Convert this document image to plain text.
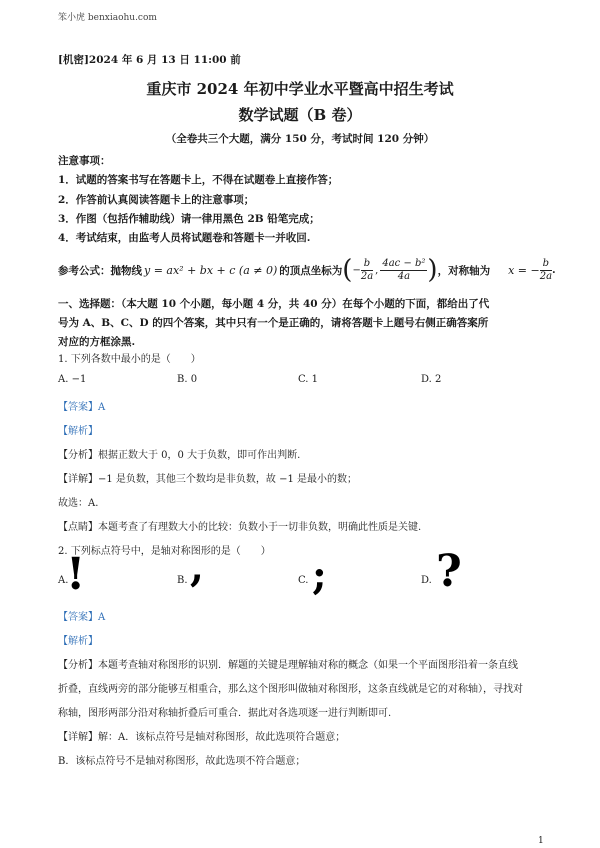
笨小虎 benxiaohu.com
[机密]2024 年 6 月 13 日 11:00 前
重庆市 2024 年初中学业水平暨高中招生考试
数学试题（B 卷）
（全卷共三个大题，满分 150 分，考试时间 120 分钟）
注意事项：
1．试题的答案书写在答题卡上，不得在试题卷上直接作答；
2．作答前认真阅读答题卡上的注意事项；
3．作图（包括作辅助线）请一律用黑色 2B 铅笔完成；
4．考试结束，由监考人员将试题卷和答题卡一并收回.
参考公式：抛物线 y = ax² + bx + c (a ≠ 0) 的顶点坐标为 ( − $\frac{b}{2a}$ , $\frac{\text{4ac − b²}}{4a}$ ) ，对称轴为 x = − $\frac{b}{2a}$ .
一、选择题：（本大题 10 个小题，每小题 4 分，共 40 分）在每个小题的下面，都给出了代
号为 A、B、C、D 的四个答案，其中只有一个是正确的，请将答题卡上题号右侧正确答案所
对应的方框涂黑.
1. 下列各数中最小的是（　　）
A. −1	B. 0	C. 1	D. 2
【答案】A
【解析】
【分析】根据正数大于 0，0 大于负数，即可作出判断.
【详解】−1 是负数，其他三个数均是非负数，故 −1 是最小的数；
故选：A.
【点睛】本题考查了有理数大小的比较：负数小于一切非负数，明确此性质是关键.
2. 下列标点符号中，是轴对称图形的是（　　）
A.
!	B. ,	C. ;	D. ?
【答案】A
【解析】
【分析】本题考查轴对称图形的识别．解题的关键是理解轴对称的概念（如果一个平面图形沿着一条直线
折叠，直线两旁的部分能够互相重合，那么这个图形叫做轴对称图形，这条直线就是它的对称轴），寻找对
称轴，图形两部分沿对称轴折叠后可重合．据此对各选项逐一进行判断即可.
【详解】解：A．该标点符号是轴对称图形，故此选项符合题意；
B．该标点符号不是轴对称图形，故此选项不符合题意；
1
